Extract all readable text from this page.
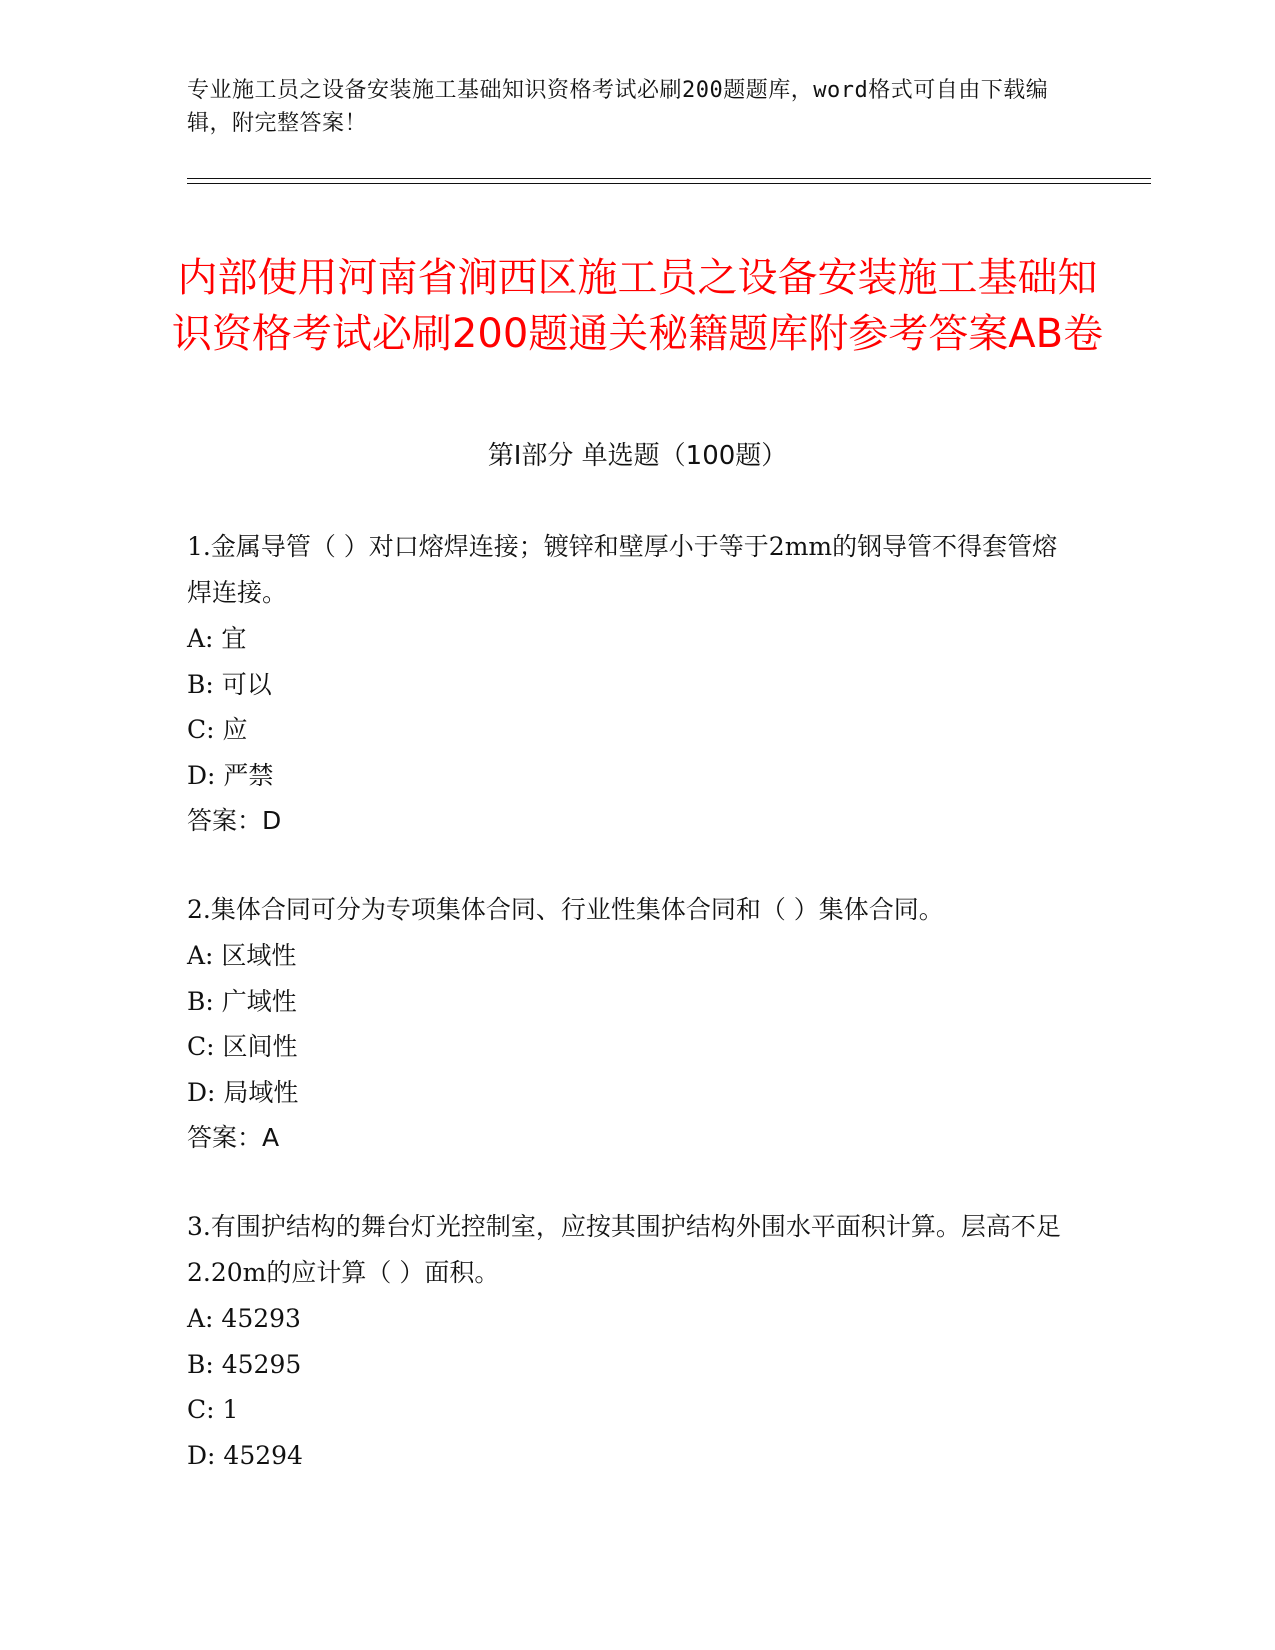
专业施工员之设备安装施工基础知识资格考试必刷200题题库，word格式可自由下载编辑，附完整答案！
内部使用河南省涧西区施工员之设备安装施工基础知识资格考试必刷200题通关秘籍题库附参考答案AB卷
第Ⅰ部分 单选题（100题）
1.金属导管（ ）对口熔焊连接；镀锌和壁厚小于等于2mm的钢导管不得套管熔焊连接。
A: 宜
B: 可以
C: 应
D: 严禁
答案：D
2.集体合同可分为专项集体合同、行业性集体合同和（ ）集体合同。
A: 区域性
B: 广域性
C: 区间性
D: 局域性
答案：A
3.有围护结构的舞台灯光控制室，应按其围护结构外围水平面积计算。层高不足2.20m的应计算（ ）面积。
A: 45293
B: 45295
C: 1
D: 45294
